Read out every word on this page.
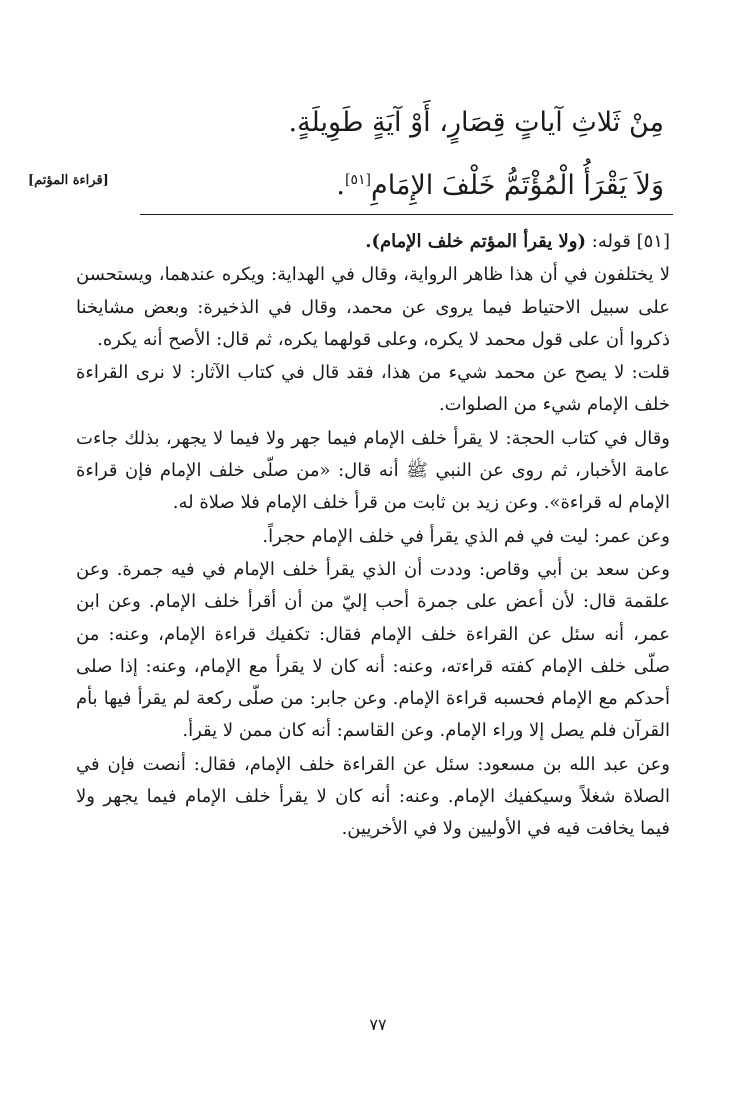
مِنْ ثَلاثِ آياتٍ قِصَارٍ، أَوْ آيَةٍ طَوِيلَةٍ.
وَلاَ يَقْرَأُ الْمُؤْتَمُّ خَلْفَ الإِمَامِ[٥١].
[قراءة المؤتم]

[٥١] قوله: (ولا يقرأ المؤتم خلف الإمام).

لا يختلفون في أن هذا ظاهر الرواية، وقال في الهداية: ويكره عندهما، ويستحسن على سبيل الاحتياط فيما يروى عن محمد، وقال في الذخيرة: وبعض مشايخنا ذكروا أن على قول محمد لا يكره، وعلى قولهما يكره، ثم قال: الأصح أنه يكره.

قلت: لا يصح عن محمد شيء من هذا، فقد قال في كتاب الآثار: لا نرى القراءة خلف الإمام شيء من الصلوات.

وقال في كتاب الحجة: لا يقرأ خلف الإمام فيما جهر ولا فيما لا يجهر، بذلك جاءت عامة الأخبار، ثم روى عن النبي ﷺ أنه قال: «من صلّى خلف الإمام فإن قراءة الإمام له قراءة». وعن زيد بن ثابت من قرأ خلف الإمام فلا صلاة له.

وعن عمر: ليت في فم الذي يقرأ في خلف الإمام حجراً.

وعن سعد بن أبي وقاص: وددت أن الذي يقرأ خلف الإمام في فيه جمرة. وعن علقمة قال: لأن أعض على جمرة أحب إليّ من أن أقرأ خلف الإمام. وعن ابن عمر، أنه سئل عن القراءة خلف الإمام فقال: تكفيك قراءة الإمام، وعنه: من صلّى خلف الإمام كفته قراءته، وعنه: أنه كان لا يقرأ مع الإمام، وعنه: إذا صلى أحدكم مع الإمام فحسبه قراءة الإمام. وعن جابر: من صلّى ركعة لم يقرأ فيها بأم القرآن فلم يصل إلا وراء الإمام. وعن القاسم: أنه كان ممن لا يقرأ.

وعن عبد الله بن مسعود: سئل عن القراءة خلف الإمام، فقال: أنصت فإن في الصلاة شغلاً وسيكفيك الإمام. وعنه: أنه كان لا يقرأ خلف الإمام فيما يجهر ولا فيما يخافت فيه في الأوليين ولا في الأخريين.

٧٧
